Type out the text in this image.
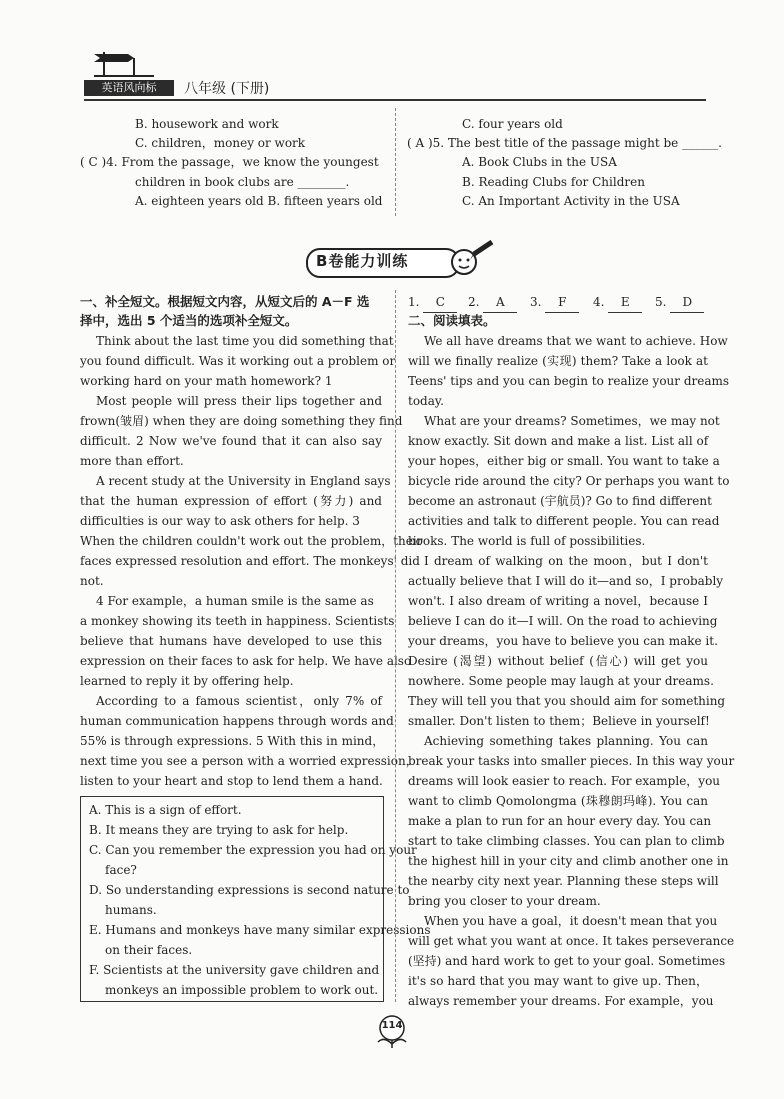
英语风向标	八年级 (下册)
B. housework and work
C. children，money or work
( C )4. From the passage，we know the youngest
children in book clubs are ________.
A. eighteen years old B. fifteen years old
C. four years old
( A )5. The best title of the passage might be ______.
A. Book Clubs in the USA
B. Reading Clubs for Children
C. An Important Activity in the USA
B卷能力训练
一、补全短文。根据短文内容，从短文后的 A－F 选
择中，选出 5 个适当的选项补全短文。
Think about the last time you did something that
you found difficult. Was it working out a problem or
working hard on your math homework? 1
Most people will press their lips together and
frown(皱眉) when they are doing something they find
difficult. 2 Now we've found that it can also say
more than effort.
A recent study at the University in England says
that the human expression of effort (努力) and
difficulties is our way to ask others for help. 3
When the children couldn't work out the problem，their
faces expressed resolution and effort. The monkeys' did
not.
4 For example，a human smile is the same as
a monkey showing its teeth in happiness. Scientists
believe that humans have developed to use this
expression on their faces to ask for help. We have also
learned to reply it by offering help.
According to a famous scientist，only 7% of
human communication happens through words and
55% is through expressions. 5 With this in mind，
next time you see a person with a worried expression，
listen to your heart and stop to lend them a hand.
A. This is a sign of effort.
B. It means they are trying to ask for help.
C. Can you remember the expression you had on your
face?
D. So understanding expressions is second nature to
humans.
E. Humans and monkeys have many similar expressions
on their faces.
F. Scientists at the university gave children and
monkeys an impossible problem to work out.
1. C	2. A	3. F	4. E	5. D
二、阅读填表。
We all have dreams that we want to achieve. How
will we finally realize (实现) them? Take a look at
Teens' tips and you can begin to realize your dreams
today.
What are your dreams? Sometimes，we may not
know exactly. Sit down and make a list. List all of
your hopes，either big or small. You want to take a
bicycle ride around the city? Or perhaps you want to
become an astronaut (宇航员)? Go to find different
activities and talk to different people. You can read
books. The world is full of possibilities.
I dream of walking on the moon，but I don't
actually believe that I will do it—and so，I probably
won't. I also dream of writing a novel，because I
believe I can do it—I will. On the road to achieving
your dreams，you have to believe you can make it.
Desire (渴望) without belief (信心) will get you
nowhere. Some people may laugh at your dreams.
They will tell you that you should aim for something
smaller. Don't listen to them；Believe in yourself!
Achieving something takes planning. You can
break your tasks into smaller pieces. In this way your
dreams will look easier to reach. For example，you
want to climb Qomolongma (珠穆朗玛峰). You can
make a plan to run for an hour every day. You can
start to take climbing classes. You can plan to climb
the highest hill in your city and climb another one in
the nearby city next year. Planning these steps will
bring you closer to your dream.
When you have a goal，it doesn't mean that you
will get what you want at once. It takes perseverance
(坚持) and hard work to get to your goal. Sometimes
it's so hard that you may want to give up. Then，
always remember your dreams. For example，you
114
